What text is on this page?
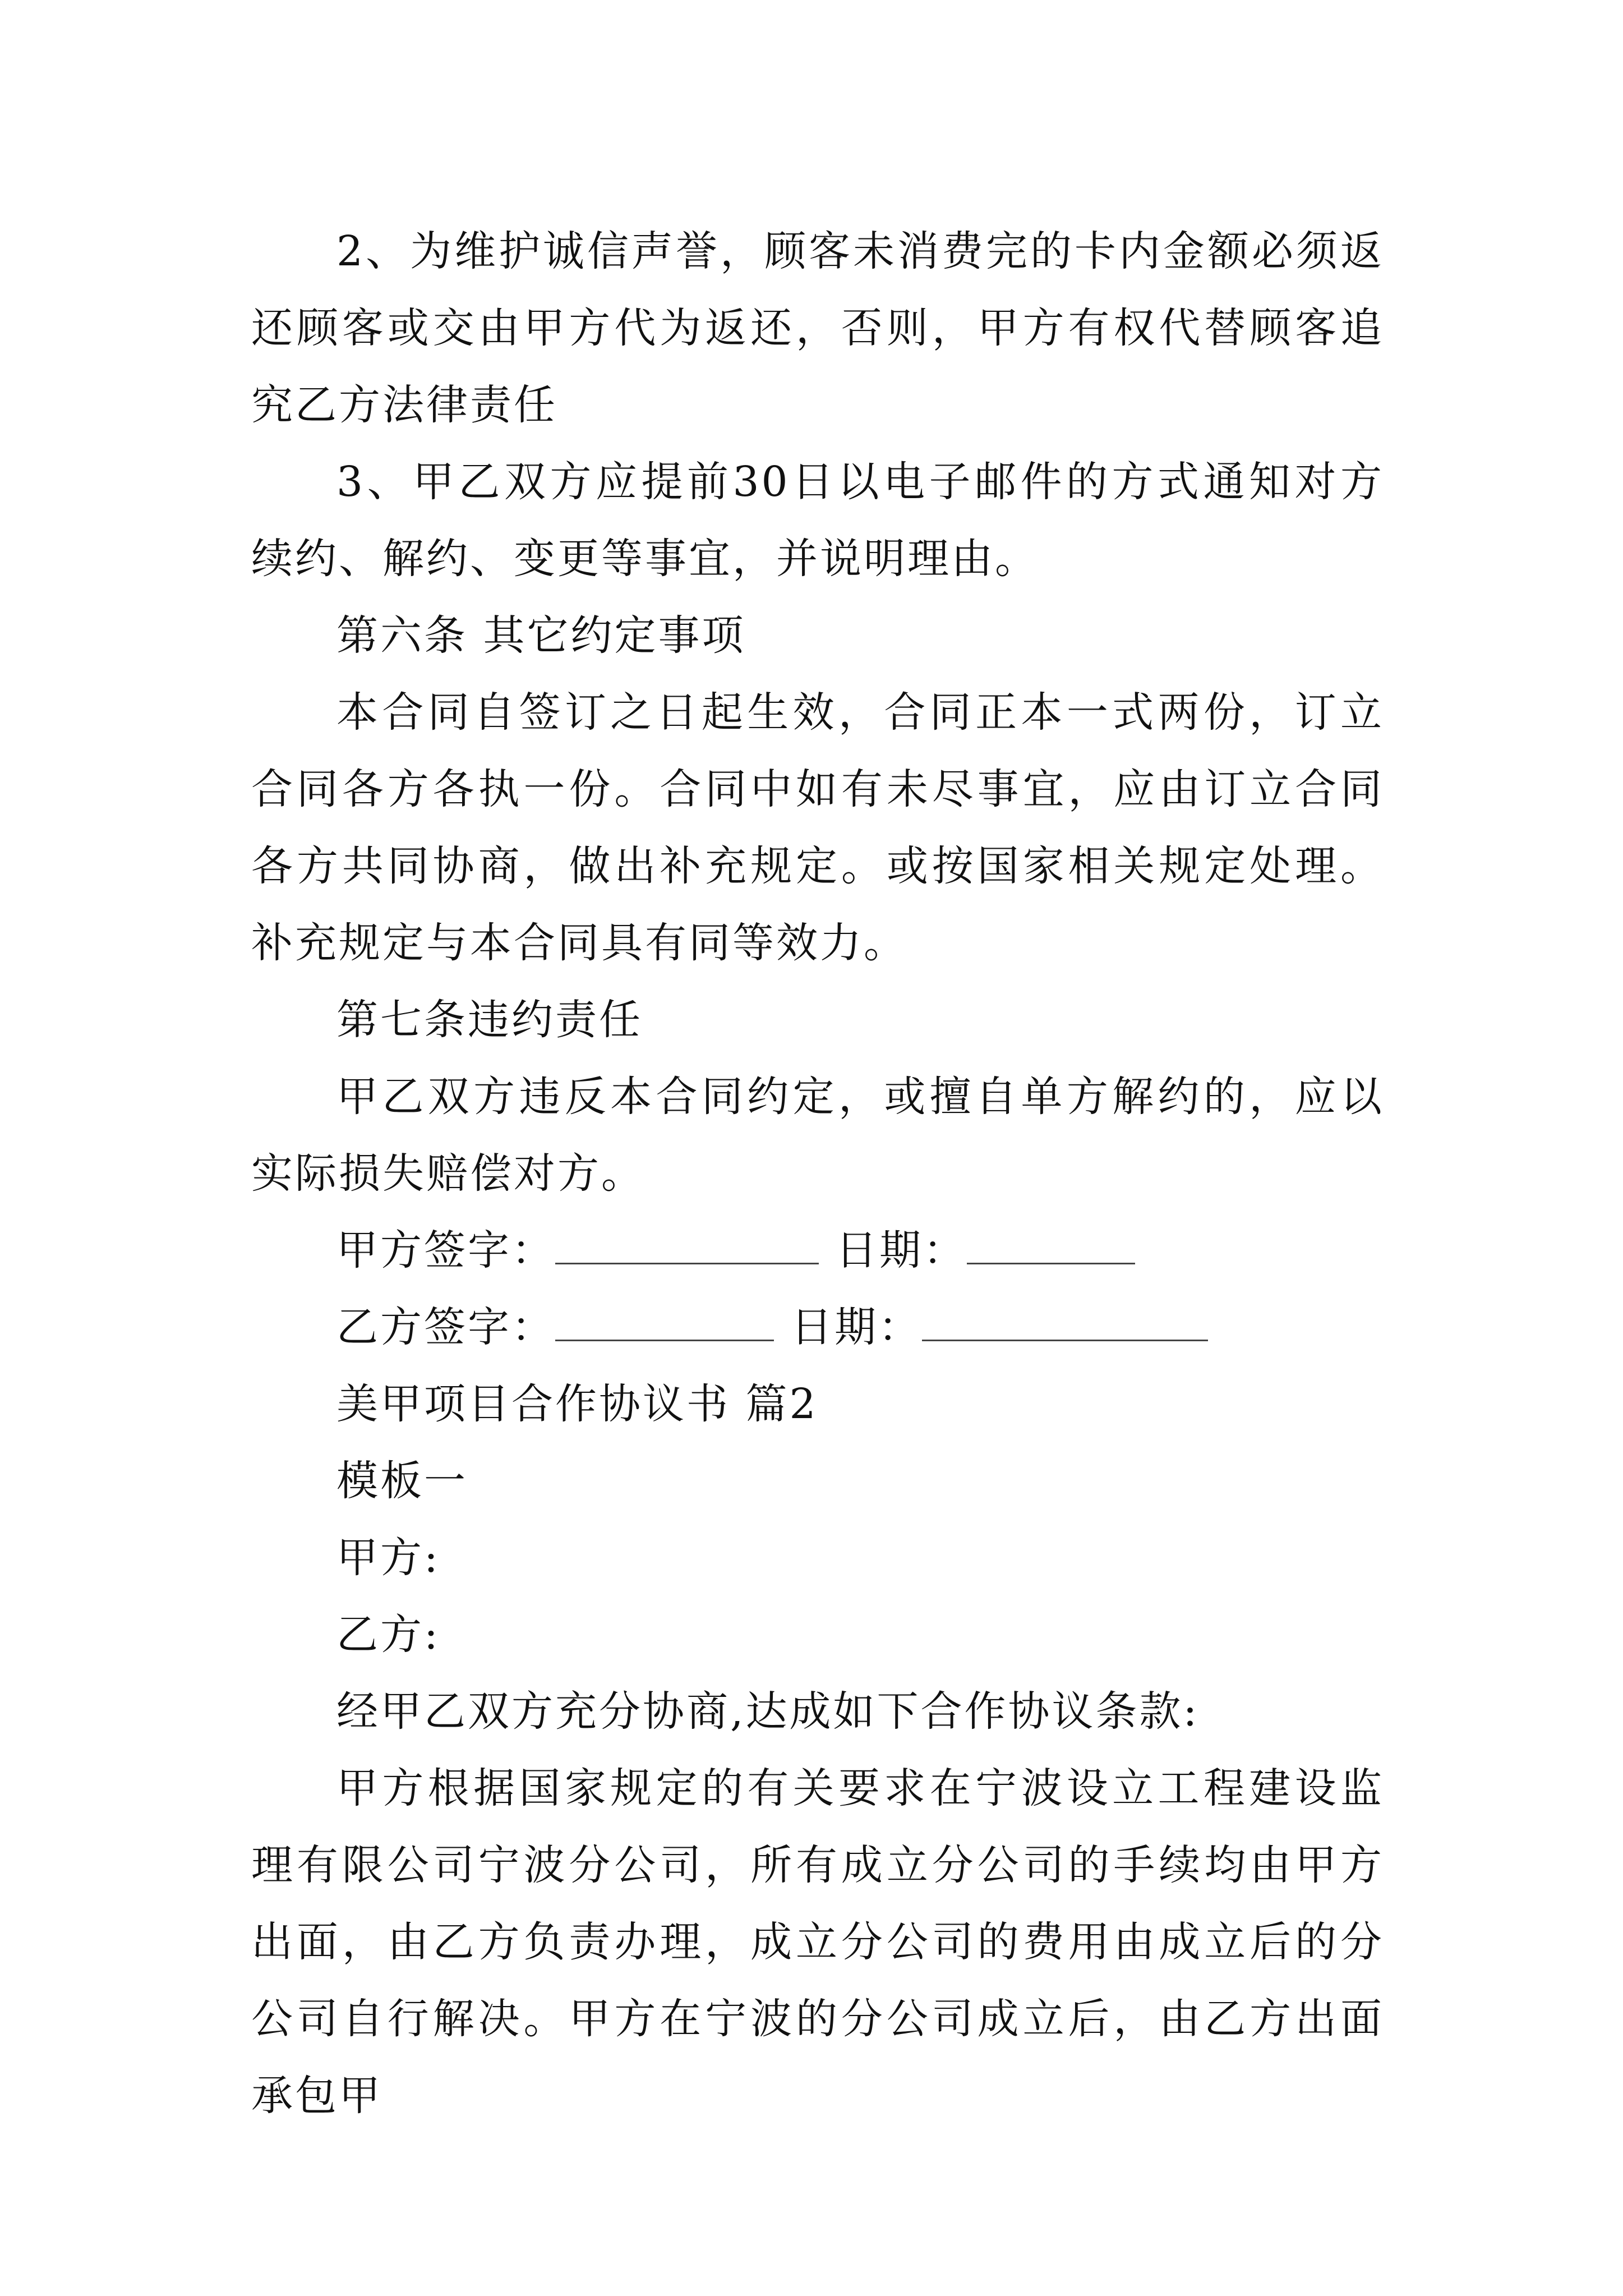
2、为维护诚信声誉，顾客未消费完的卡内金额必须返还顾客或交由甲方代为返还，否则，甲方有权代替顾客追究乙方法律责任

3、甲乙双方应提前30日以电子邮件的方式通知对方续约、解约、变更等事宜，并说明理由。

第六条 其它约定事项

本合同自签订之日起生效，合同正本一式两份，订立合同各方各执一份。合同中如有未尽事宜，应由订立合同各方共同协商，做出补充规定。或按国家相关规定处理。补充规定与本合同具有同等效力。

第七条违约责任

甲乙双方违反本合同约定，或擅自单方解约的，应以实际损失赔偿对方。

甲方签字：	日期：
乙方签字：	日期：

美甲项目合作协议书 篇2

模板一

甲方:

乙方:

经甲乙双方充分协商,达成如下合作协议条款:

甲方根据国家规定的有关要求在宁波设立工程建设监理有限公司宁波分公司，所有成立分公司的手续均由甲方出面，由乙方负责办理，成立分公司的费用由成立后的分公司自行解决。甲方在宁波的分公司成立后，由乙方出面承包甲
